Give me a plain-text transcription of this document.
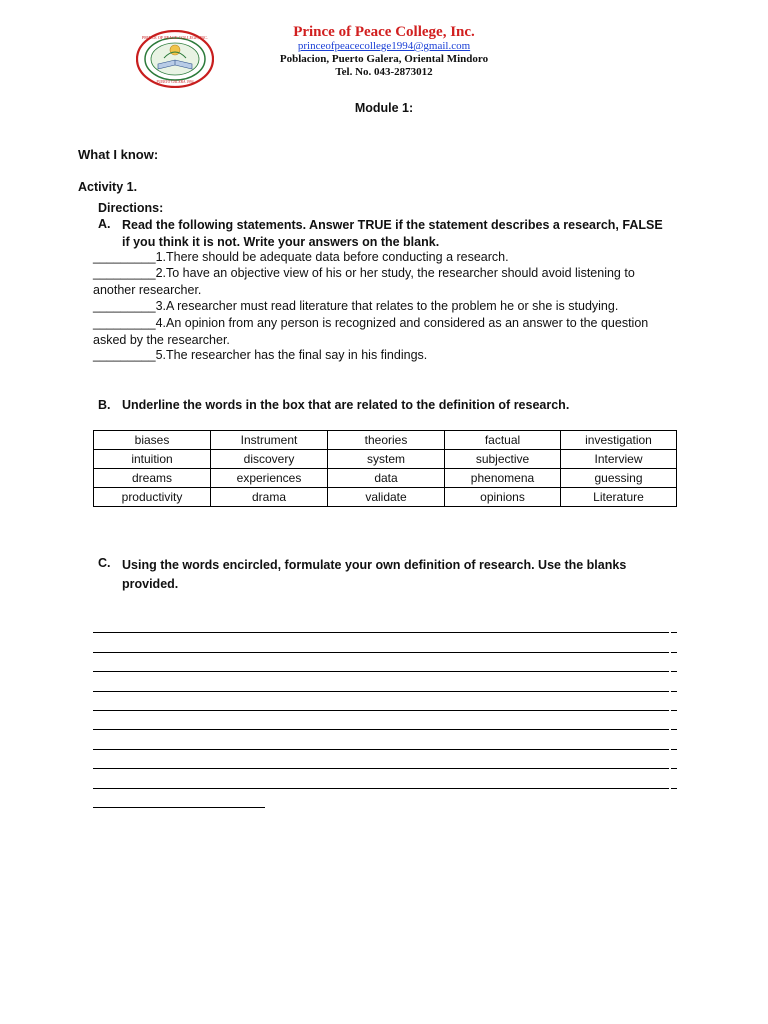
PRINCE OF PEACE COLLEGE, INC.
PUERTO GALERA 1994
Prince of Peace College, Inc.
princeofpeacecollege1994@gmail.com
Poblacion, Puerto Galera, Oriental Mindoro
Tel. No. 043-2873012
Module 1:
What I know:
Activity 1.
Directions:
A. Read the following statements. Answer TRUE if the statement describes a research, FALSE if you think it is not. Write your answers on the blank.
_________1.There should be adequate data before conducting a research.
_________2.To have an objective view of his or her study, the researcher should avoid listening to another researcher.
_________3.A researcher must read literature that relates to the problem he or she is studying.
_________4.An opinion from any person is recognized and considered as an answer to the question asked by the researcher.
_________5.The researcher has the final say in his findings.
B. Underline the words in the box that are related to the definition of research.
biases	Instrument	theories	factual	investigation
intuition	discovery	system	subjective	Interview
dreams	experiences	data	phenomena	guessing
productivity	drama	validate	opinions	Literature
C. Using the words encircled, formulate your own definition of research. Use the blanks provided.
